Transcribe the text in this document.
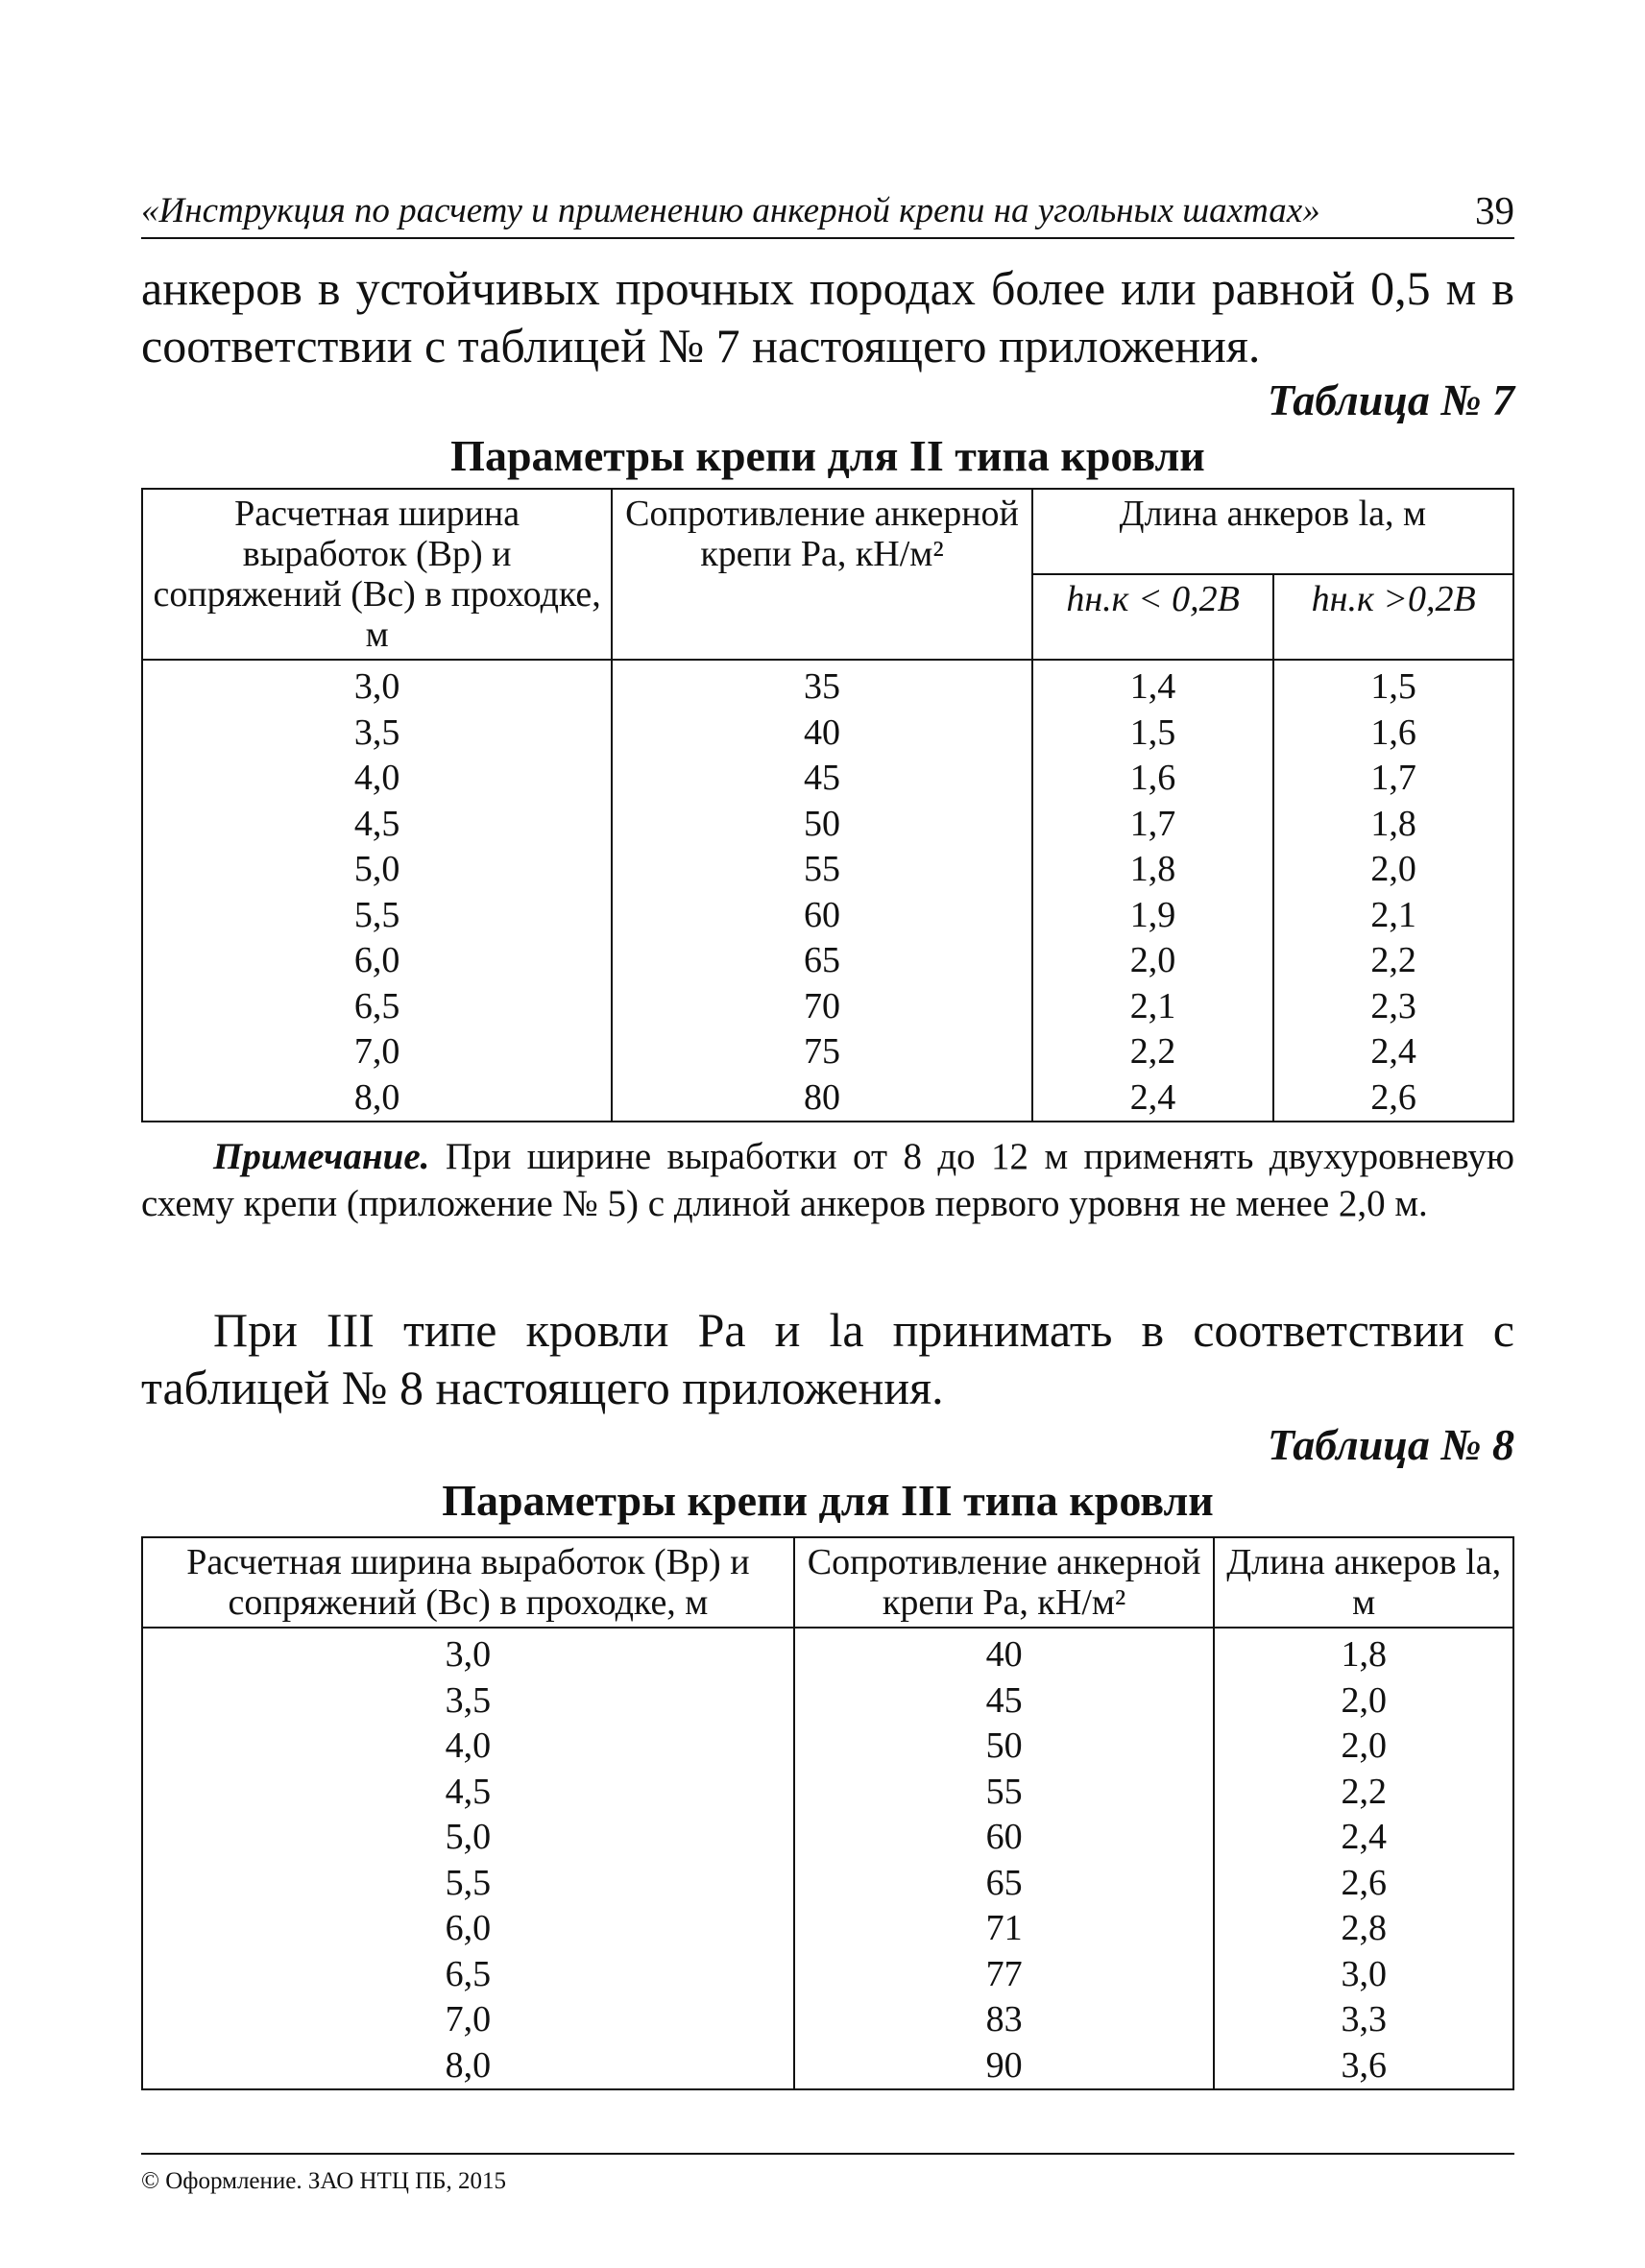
«Инструкция по расчету и применению анкерной крепи на угольных шахтах»	39

анкеров в устойчивых прочных породах более или равной 0,5 м в соответствии с таблицей № 7 настоящего приложения.

Таблица № 7
Параметры крепи для II типа кровли
Расчетная ширина выработок (Bр) и сопряжений (Bс) в проходке, м	Сопротивление анкерной крепи Pа, кН/м²	Длина анкеров lа, м	
		hн.к < 0,2B	hн.к >0,2B
3,0	35	1,4	1,5
3,5	40	1,5	1,6
4,0	45	1,6	1,7
4,5	50	1,7	1,8
5,0	55	1,8	2,0
5,5	60	1,9	2,1
6,0	65	2,0	2,2
6,5	70	2,1	2,3
7,0	75	2,2	2,4
8,0	80	2,4	2,6

Примечание. При ширине выработки от 8 до 12 м применять двухуровневую схему крепи (приложение № 5) с длиной анкеров первого уровня не менее 2,0 м.

При III типе кровли Pа и lа принимать в соответствии с таблицей № 8 настоящего приложения.

Таблица № 8
Параметры крепи для III типа кровли
Расчетная ширина выработок (Bр) и сопряжений (Bс) в проходке, м	Сопротивление анкерной крепи Pа, кН/м²	Длина анкеров lа, м
3,0	40	1,8
3,5	45	2,0
4,0	50	2,0
4,5	55	2,2
5,0	60	2,4
5,5	65	2,6
6,0	71	2,8
6,5	77	3,0
7,0	83	3,3
8,0	90	3,6
© Оформление. ЗАО НТЦ ПБ, 2015
